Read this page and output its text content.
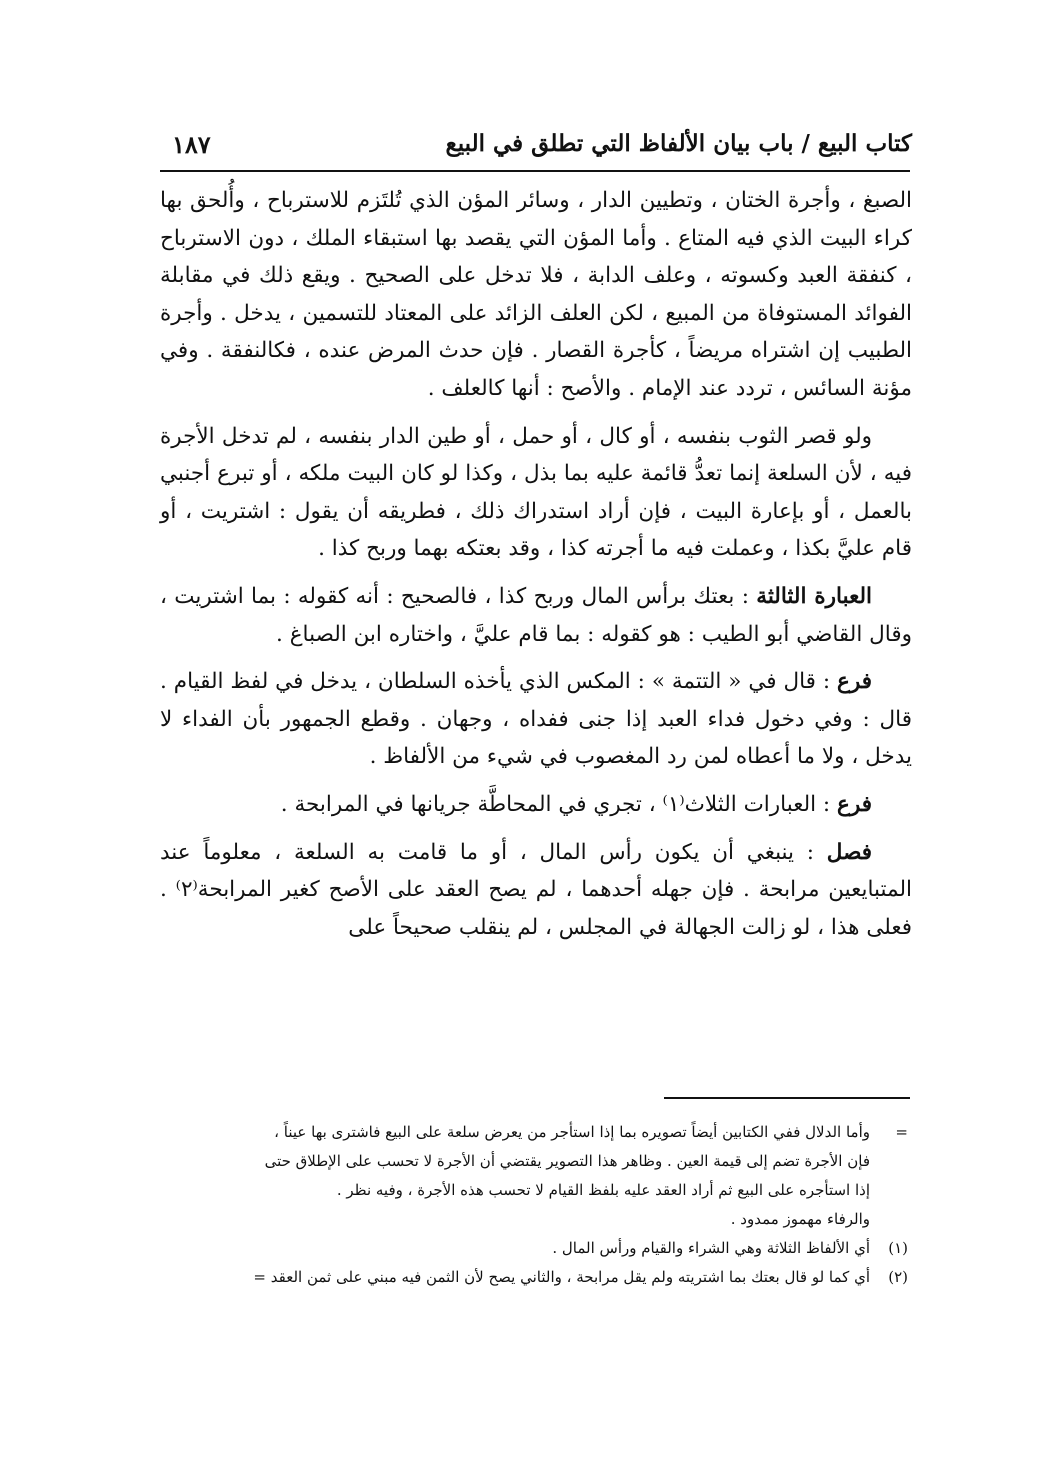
كتاب البيع / باب بيان الألفاظ التي تطلق في البيع
١٨٧

الصبغ ، وأجرة الختان ، وتطيين الدار ، وسائر المؤن الذي تُلتَزم للاسترباح ، وأُلحق بها كراء البيت الذي فيه المتاع . وأما المؤن التي يقصد بها استبقاء الملك ، دون الاسترباح ، كنفقة العبد وكسوته ، وعلف الدابة ، فلا تدخل على الصحيح . ويقع ذلك في مقابلة الفوائد المستوفاة من المبيع ، لكن العلف الزائد على المعتاد للتسمين ، يدخل . وأجرة الطبيب إن اشتراه مريضاً ، كأجرة القصار . فإن حدث المرض عنده ، فكالنفقة . وفي مؤنة السائس ، تردد عند الإمام . والأصح : أنها كالعلف .

ولو قصر الثوب بنفسه ، أو كال ، أو حمل ، أو طين الدار بنفسه ، لم تدخل الأجرة فيه ، لأن السلعة إنما تعدُّ قائمة عليه بما بذل ، وكذا لو كان البيت ملكه ، أو تبرع أجنبي بالعمل ، أو بإعارة البيت ، فإن أراد استدراك ذلك ، فطريقه أن يقول : اشتريت ، أو قام عليَّ بكذا ، وعملت فيه ما أجرته كذا ، وقد بعتكه بهما وربح كذا .

العبارة الثالثة : بعتك برأس المال وربح كذا ، فالصحيح : أنه كقوله : بما اشتريت ، وقال القاضي أبو الطيب : هو كقوله : بما قام عليَّ ، واختاره ابن الصباغ .

فرع : قال في « التتمة » : المكس الذي يأخذه السلطان ، يدخل في لفظ القيام . قال : وفي دخول فداء العبد إذا جنى ففداه ، وجهان . وقطع الجمهور بأن الفداء لا يدخل ، ولا ما أعطاه لمن رد المغصوب في شيء من الألفاظ .

فرع : العبارات الثلاث⁽١⁾ ، تجري في المحاطَّة جريانها في المرابحة .

فصل : ينبغي أن يكون رأس المال ، أو ما قامت به السلعة ، معلوماً عند المتبايعين مرابحة . فإن جهله أحدهما ، لم يصح العقد على الأصح كغير المرابحة⁽٢⁾ . فعلى هذا ، لو زالت الجهالة في المجلس ، لم ينقلب صحيحاً على

=
وأما الدلال ففي الكتابين أيضاً تصويره بما إذا استأجر من يعرض سلعة على البيع فاشترى بها عيناً ،

فإن الأجرة تضم إلى قيمة العين . وظاهر هذا التصوير يقتضي أن الأجرة لا تحسب على الإطلاق حتى

إذا استأجره على البيع ثم أراد العقد عليه بلفظ القيام لا تحسب هذه الأجرة ، وفيه نظر .

والرفاء مهموز ممدود .

(١)
أي الألفاظ الثلاثة وهي الشراء والقيام ورأس المال .
(٢)
أي كما لو قال بعتك بما اشتريته ولم يقل مرابحة ، والثاني يصح لأن الثمن فيه مبني على ثمن العقد =
